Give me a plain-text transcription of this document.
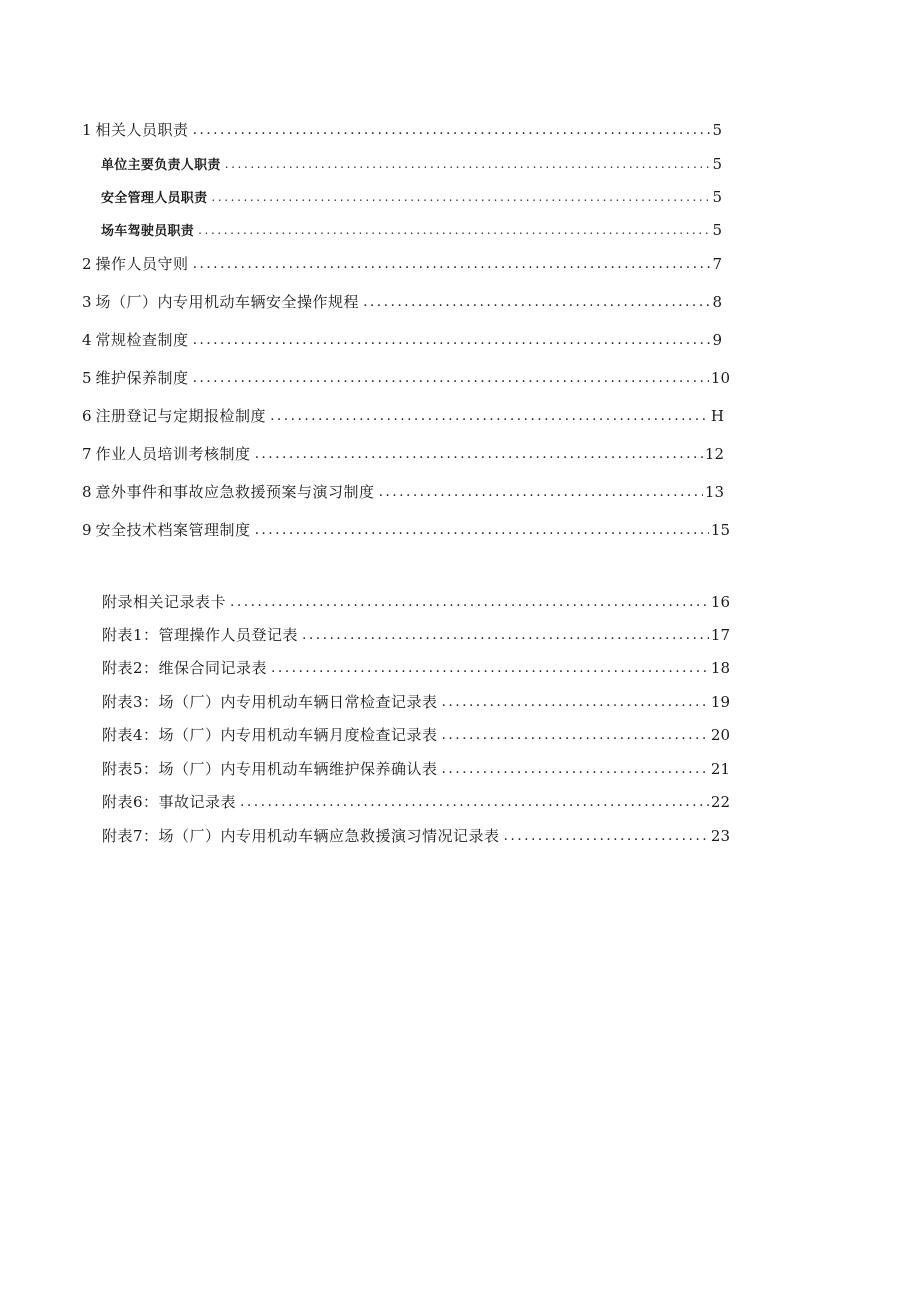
1 相关人员职责 .....	5
单位主要负责人职责 .....	5
安全管理人员职责 .....	5
场车驾驶员职责 .....	5
2 操作人员守则 .....	7
3 场（厂）内专用机动车辆安全操作规程 .....	8
4 常规检查制度 .....	9
5 维护保养制度 .....	10
6 注册登记与定期报检制度 .....	H
7 作业人员培训考核制度 .....	12
8 意外事件和事故应急救援预案与演习制度 .....	13
9 安全技术档案管理制度 .....	15
附录相关记录表卡 .....	16
附表1：管理操作人员登记表 .....	17
附表2：维保合同记录表 .....	18
附表3：场（厂）内专用机动车辆日常检查记录表 .....	19
附表4：场（厂）内专用机动车辆月度检查记录表 .....	20
附表5：场（厂）内专用机动车辆维护保养确认表 .....	21
附表6：事故记录表 .....	22
附表7：场（厂）内专用机动车辆应急救援演习情况记录表 .....	23
